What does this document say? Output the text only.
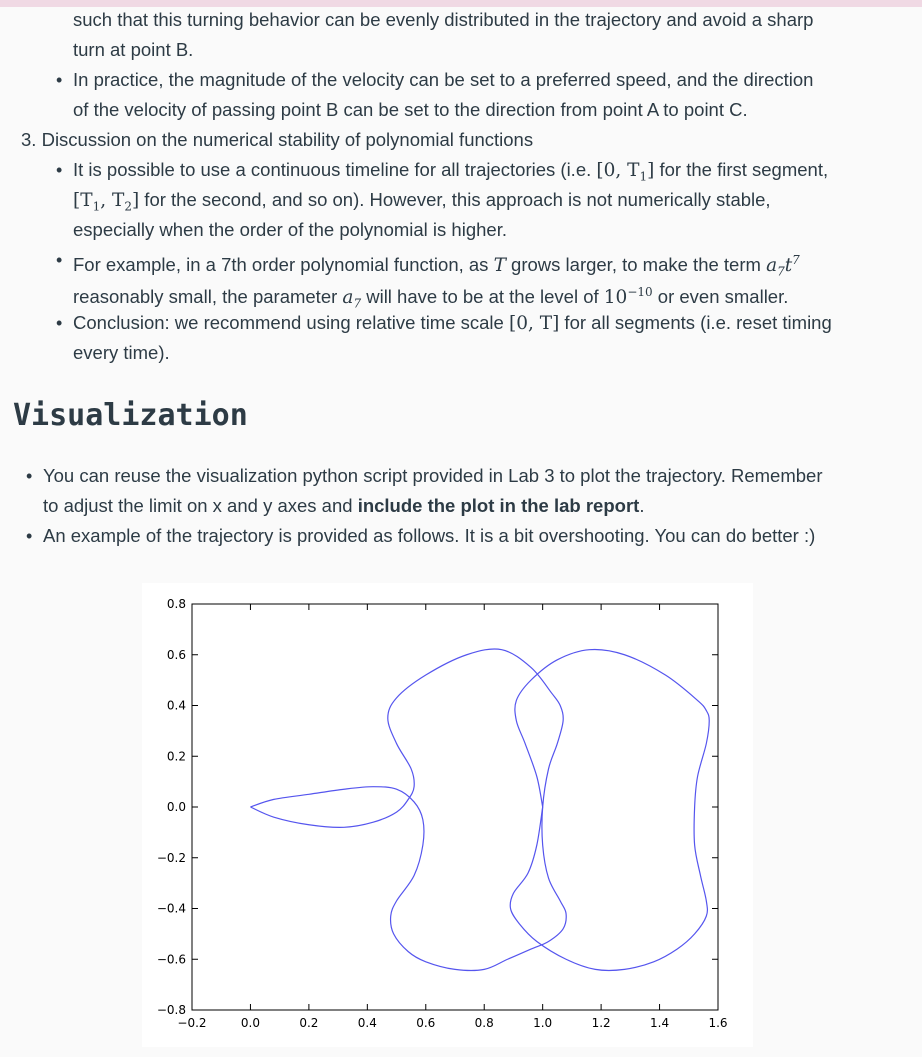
such that this turning behavior can be evenly distributed in the trajectory and avoid a sharp
turn at point B.
• In practice, the magnitude of the velocity can be set to a preferred speed, and the direction
of the velocity of passing point B can be set to the direction from point A to point C.
3. Discussion on the numerical stability of polynomial functions
• It is possible to use a continuous timeline for all trajectories (i.e. [0, $T_1$] for the first segment,
[$T_1$, $T_2$] for the second, and so on). However, this approach is not numerically stable,
especially when the order of the polynomial is higher.
• For example, in a 7th order polynomial function, as T grows larger, to make the term $a_7t^7$
reasonably small, the parameter $a_7$ will have to be at the level of $10^{-10}$ or even smaller.
• Conclusion: we recommend using relative time scale [0, T] for all segments (i.e. reset timing
every time).
Visualization
• You can reuse the visualization python script provided in Lab 3 to plot the trajectory. Remember
to adjust the limit on x and y axes and include the plot in the lab report.
• An example of the trajectory is provided as follows. It is a bit overshooting. You can do better :)
0.8
0.6
0.4
0.2
0.0
−0.2
−0.4
−0.6
−0.8
−0.2	0.0	0.2	0.4	0.6	0.8	1.0	1.2	1.4	1.6
